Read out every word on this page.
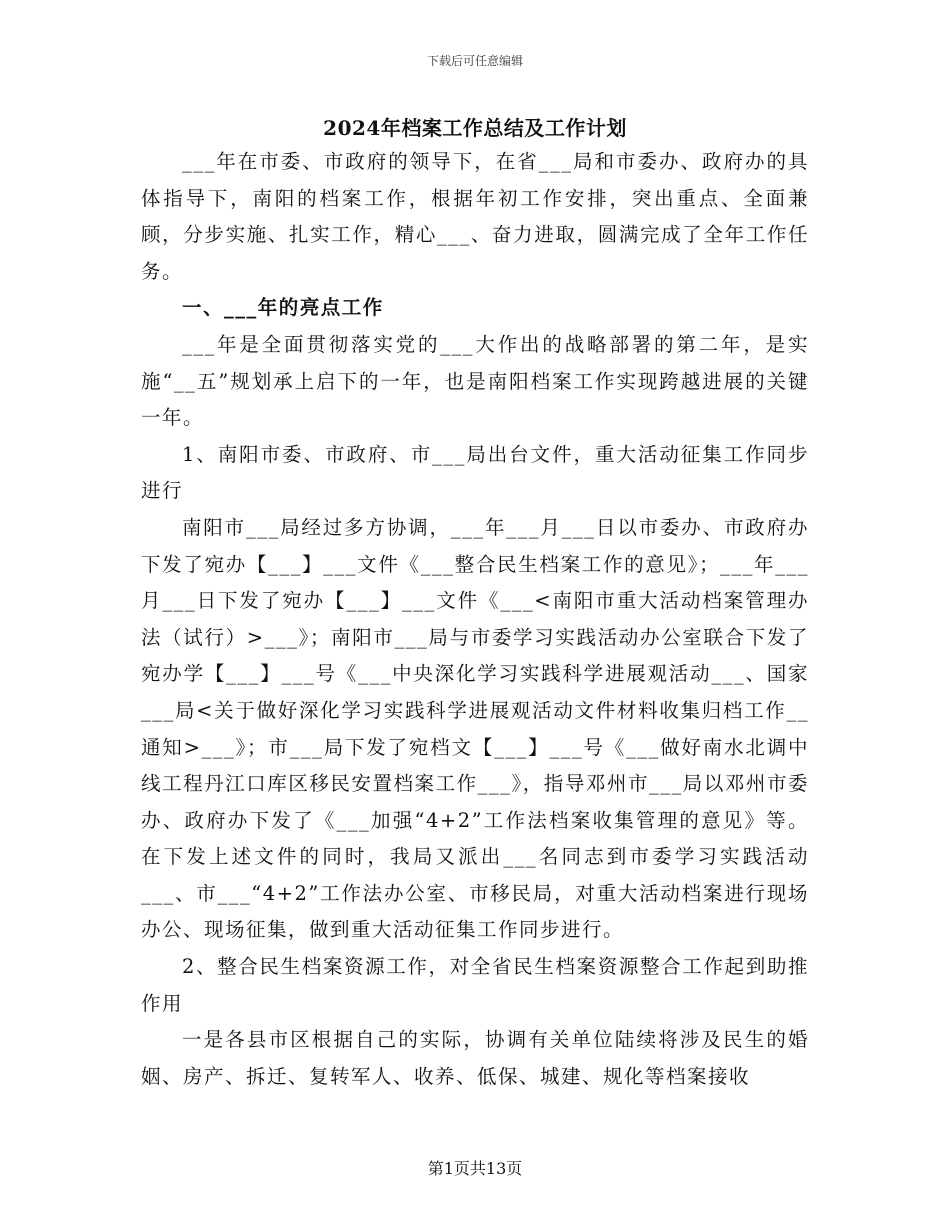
下载后可任意编辑
2024年档案工作总结及工作计划

___年在市委、市政府的领导下，在省___局和市委办、政府办的具体指导下，南阳的档案工作，根据年初工作安排，突出重点、全面兼顾，分步实施、扎实工作，精心___、奋力进取，圆满完成了全年工作任务。

一、___年的亮点工作

___年是全面贯彻落实党的___大作出的战略部署的第二年，是实施“__五”规划承上启下的一年，也是南阳档案工作实现跨越进展的关键一年。

1、南阳市委、市政府、市___局出台文件，重大活动征集工作同步进行

南阳市___局经过多方协调，___年___月___日以市委办、市政府办下发了宛办【___】___文件《___整合民生档案工作的意见》；___年___月___日下发了宛办【___】___文件《___<南阳市重大活动档案管理办法（试行）>___》；南阳市___局与市委学习实践活动办公室联合下发了宛办学【___】___号《___中央深化学习实践科学进展观活动___、国家___局<关于做好深化学习实践科学进展观活动文件材料收集归档工作__通知>___》；市___局下发了宛档文【___】___号《___做好南水北调中线工程丹江口库区移民安置档案工作___》，指导邓州市___局以邓州市委办、政府办下发了《___加强“4+2”工作法档案收集管理的意见》等。在下发上述文件的同时，我局又派出___名同志到市委学习实践活动___、市___“4+2”工作法办公室、市移民局，对重大活动档案进行现场办公、现场征集，做到重大活动征集工作同步进行。

2、整合民生档案资源工作，对全省民生档案资源整合工作起到助推作用

一是各县市区根据自己的实际，协调有关单位陆续将涉及民生的婚姻、房产、拆迁、复转军人、收养、低保、城建、规化等档案接收

第1页共13页
